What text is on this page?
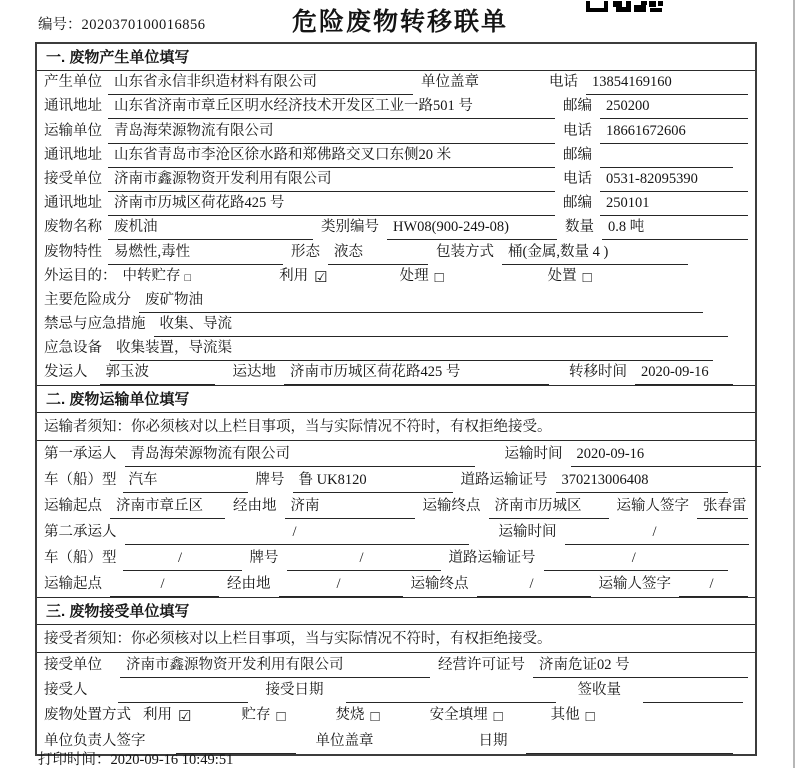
编号：2020370100016856	危险废物转移联单
一. 废物产生单位填写
产生单位 山东省永信非织造材料有限公司	单位盖章	电话 13854169160
通讯地址 山东省济南市章丘区明水经济技术开发区工业一路501 号	邮编 250200
运输单位 青岛海荣源物流有限公司	电话 18661672606
通讯地址 山东省青岛市李沧区徐水路和郑佛路交叉口东侧20 米	邮编
接受单位 济南市鑫源物资开发利用有限公司	电话 0531-82095390
通讯地址 济南市历城区荷花路425 号	邮编 250101
废物名称 废机油	类别编号 HW08(900-249-08)	数量 0.8 吨
废物特性 易燃性,毒性	形态 液态	包装方式 桶(金属,数量 4 )
外运目的： 中转贮存 □	利用 ☑	处理 □	处置 □
主要危险成分 废矿物油
禁忌与应急措施 收集、导流
应急设备 收集装置，导流渠
发运人	郭玉波	运达地 济南市历城区荷花路425 号	转移时间 2020-09-16
二. 废物运输单位填写
运输者须知：你必须核对以上栏目事项，当与实际情况不符时，有权拒绝接受。
第一承运人 青岛海荣源物流有限公司	运输时间 2020-09-16
车（船）型 汽车	牌号 鲁 UK8120	道路运输证号 370213006408
运输起点 济南市章丘区	经由地 济南	运输终点 济南市历城区	运输人签字 张春雷
第二承运人	/	运输时间	/
车（船）型	/	牌号	/	道路运输证号	/
运输起点	/	经由地	/	运输终点	/	运输人签字	/
三. 废物接受单位填写
接受者须知：你必须核对以上栏目事项，当与实际情况不符时，有权拒绝接受。
接受单位	济南市鑫源物资开发利用有限公司	经营许可证号 济南危证02 号
接受人	接受日期	签收量
废物处置方式 利用 ☑	贮存 □	焚烧 □	安全填埋 □	其他 □
单位负责人签字	单位盖章	日期
打印时间：2020-09-16 10:49:51
